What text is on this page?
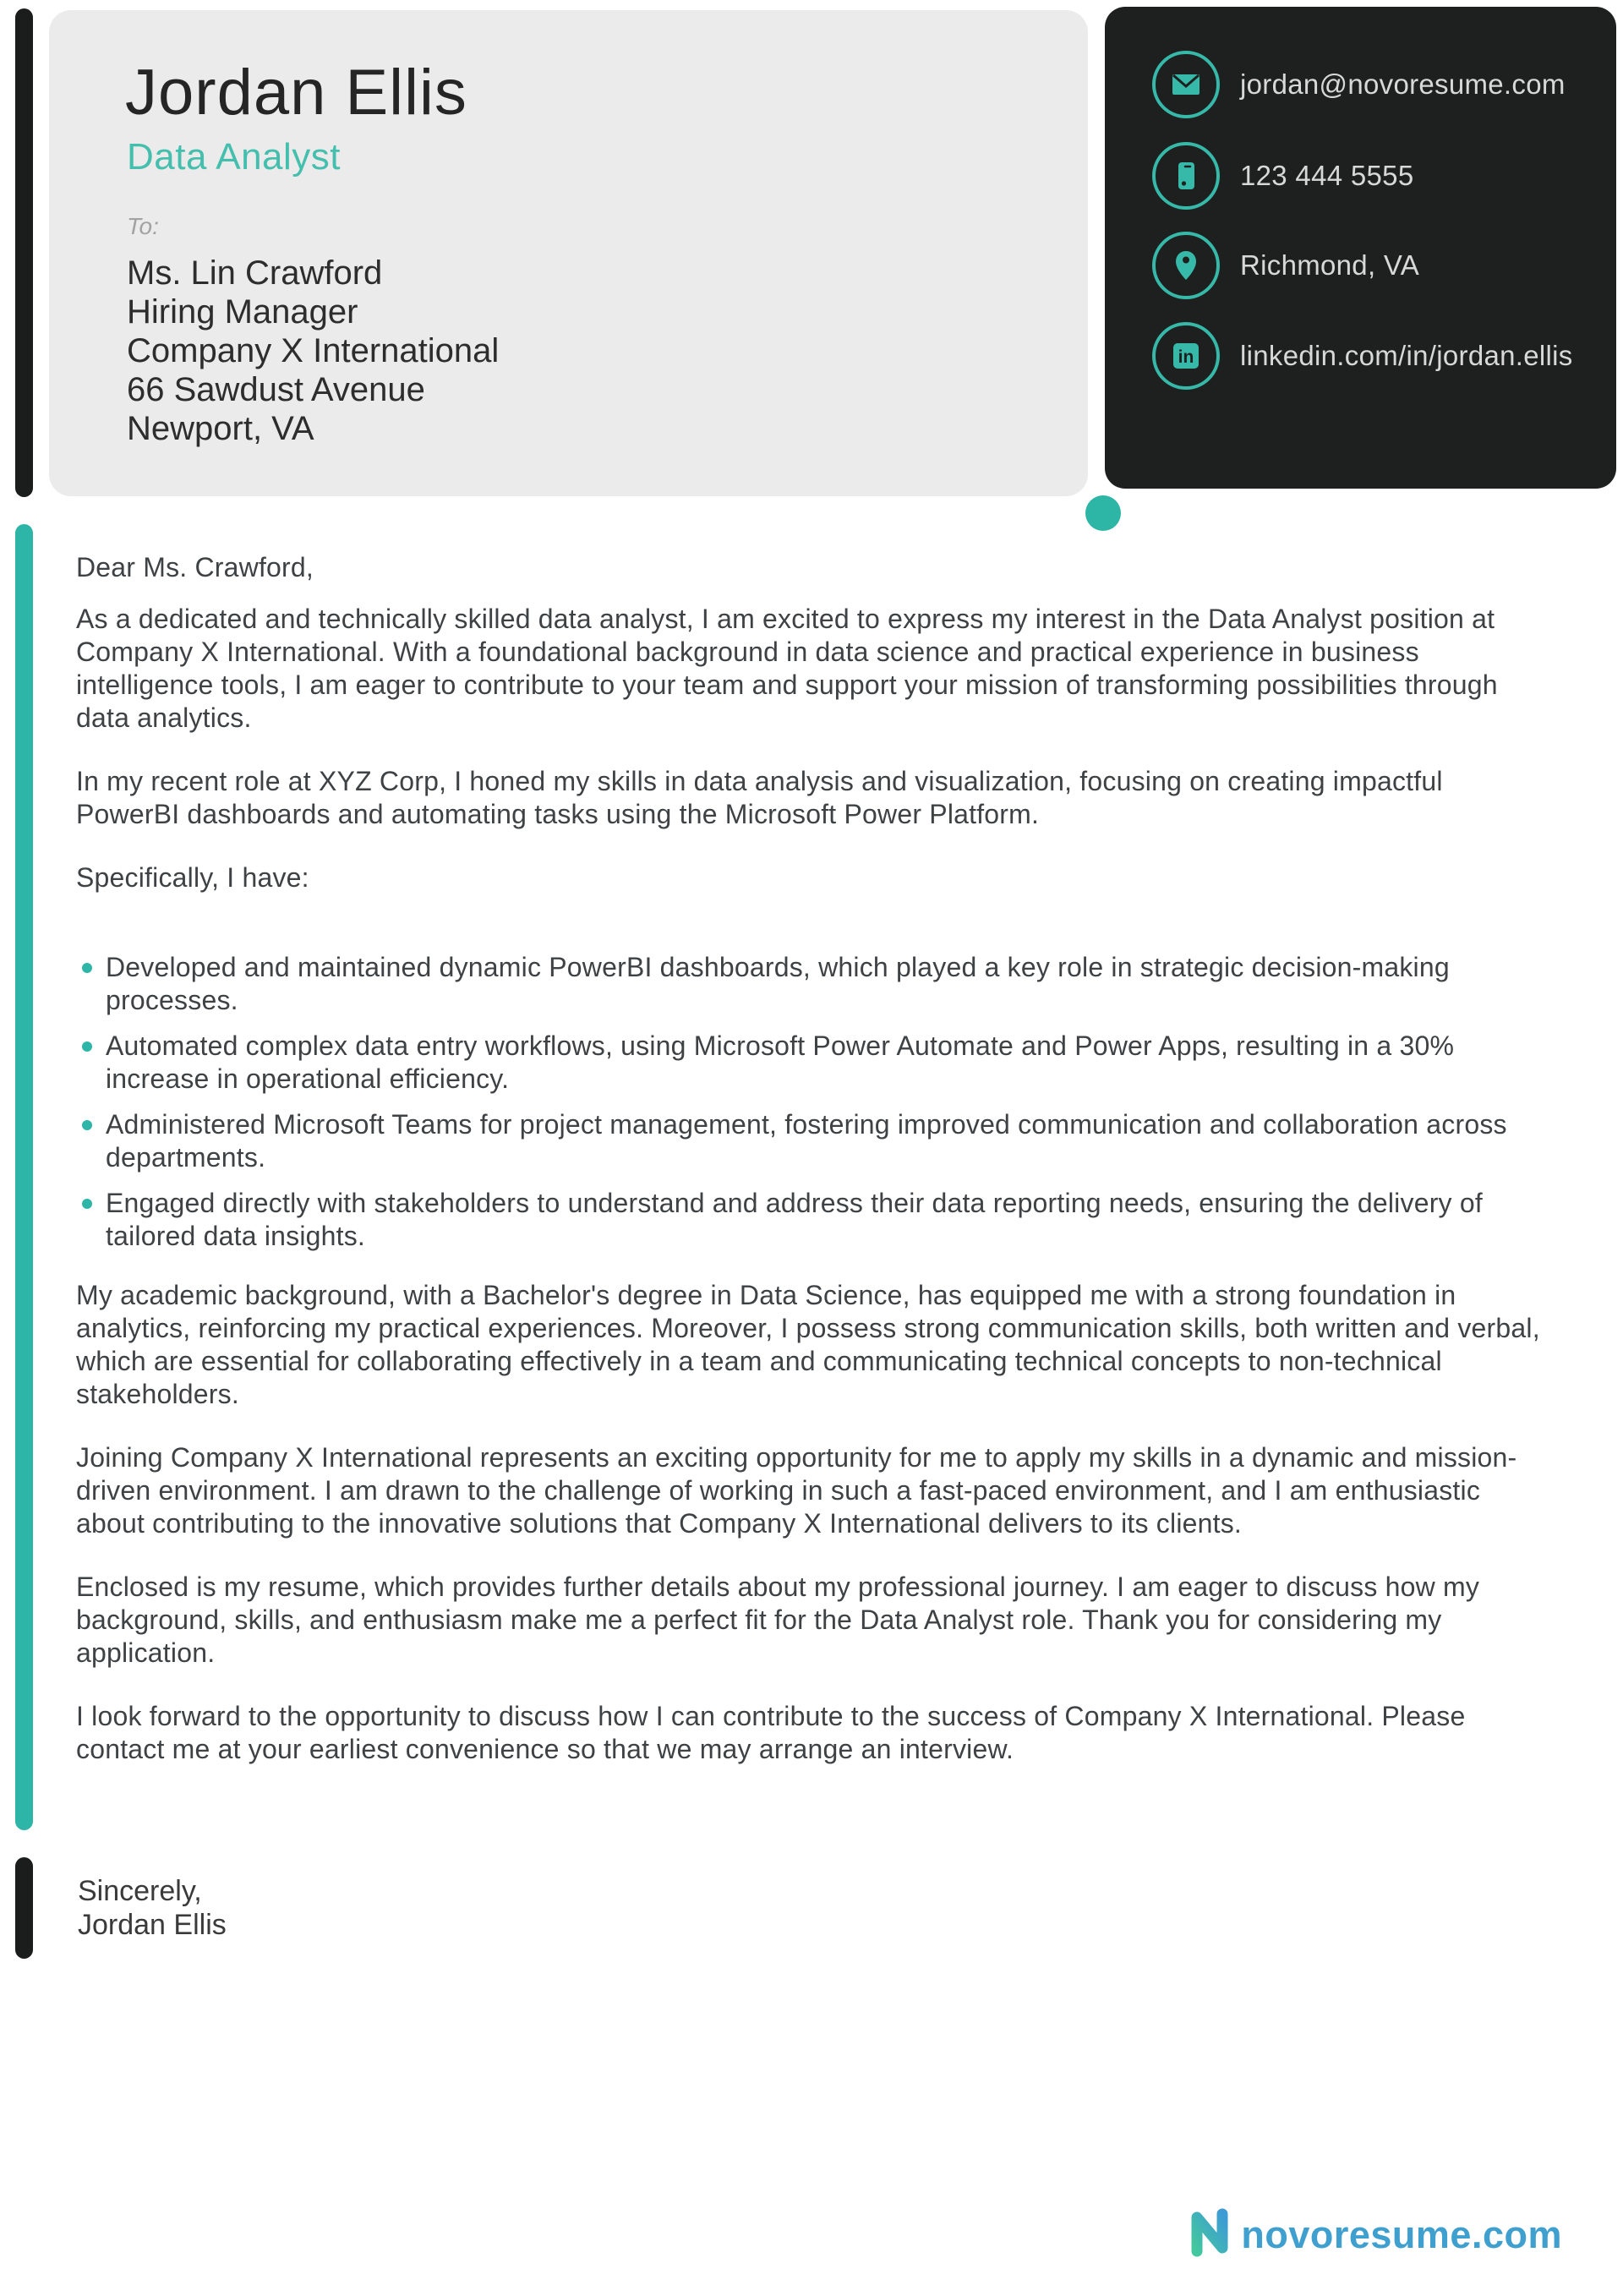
Jordan Ellis
Data Analyst
To:
Ms. Lin Crawford
Hiring Manager
Company X International
66 Sawdust Avenue
Newport, VA
jordan@novoresume.com
123 444 5555
Richmond, VA
in linkedin.com/in/jordan.ellis

Dear Ms. Crawford,

As a dedicated and technically skilled data analyst, I am excited to express my interest in the Data Analyst position at Company X International. With a foundational background in data science and practical experience in business intelligence tools, I am eager to contribute to your team and support your mission of transforming possibilities through data analytics.

In my recent role at XYZ Corp, I honed my skills in data analysis and visualization, focusing on creating impactful PowerBI dashboards and automating tasks using the Microsoft Power Platform.

Specifically, I have:

Developed and maintained dynamic PowerBI dashboards, which played a key role in strategic decision-making processes.
Automated complex data entry workflows, using Microsoft Power Automate and Power Apps, resulting in a 30% increase in operational efficiency.
Administered Microsoft Teams for project management, fostering improved communication and collaboration across departments.
Engaged directly with stakeholders to understand and address their data reporting needs, ensuring the delivery of tailored data insights.

My academic background, with a Bachelor's degree in Data Science, has equipped me with a strong foundation in analytics, reinforcing my practical experiences. Moreover, I possess strong communication skills, both written and verbal, which are essential for collaborating effectively in a team and communicating technical concepts to non-technical stakeholders.

Joining Company X International represents an exciting opportunity for me to apply my skills in a dynamic and mission-driven environment. I am drawn to the challenge of working in such a fast-paced environment, and I am enthusiastic about contributing to the innovative solutions that Company X International delivers to its clients.

Enclosed is my resume, which provides further details about my professional journey. I am eager to discuss how my background, skills, and enthusiasm make me a perfect fit for the Data Analyst role. Thank you for considering my application.

I look forward to the opportunity to discuss how I can contribute to the success of Company X International. Please contact me at your earliest convenience so that we may arrange an interview.

Sincerely,
Jordan Ellis
novoresume.com
